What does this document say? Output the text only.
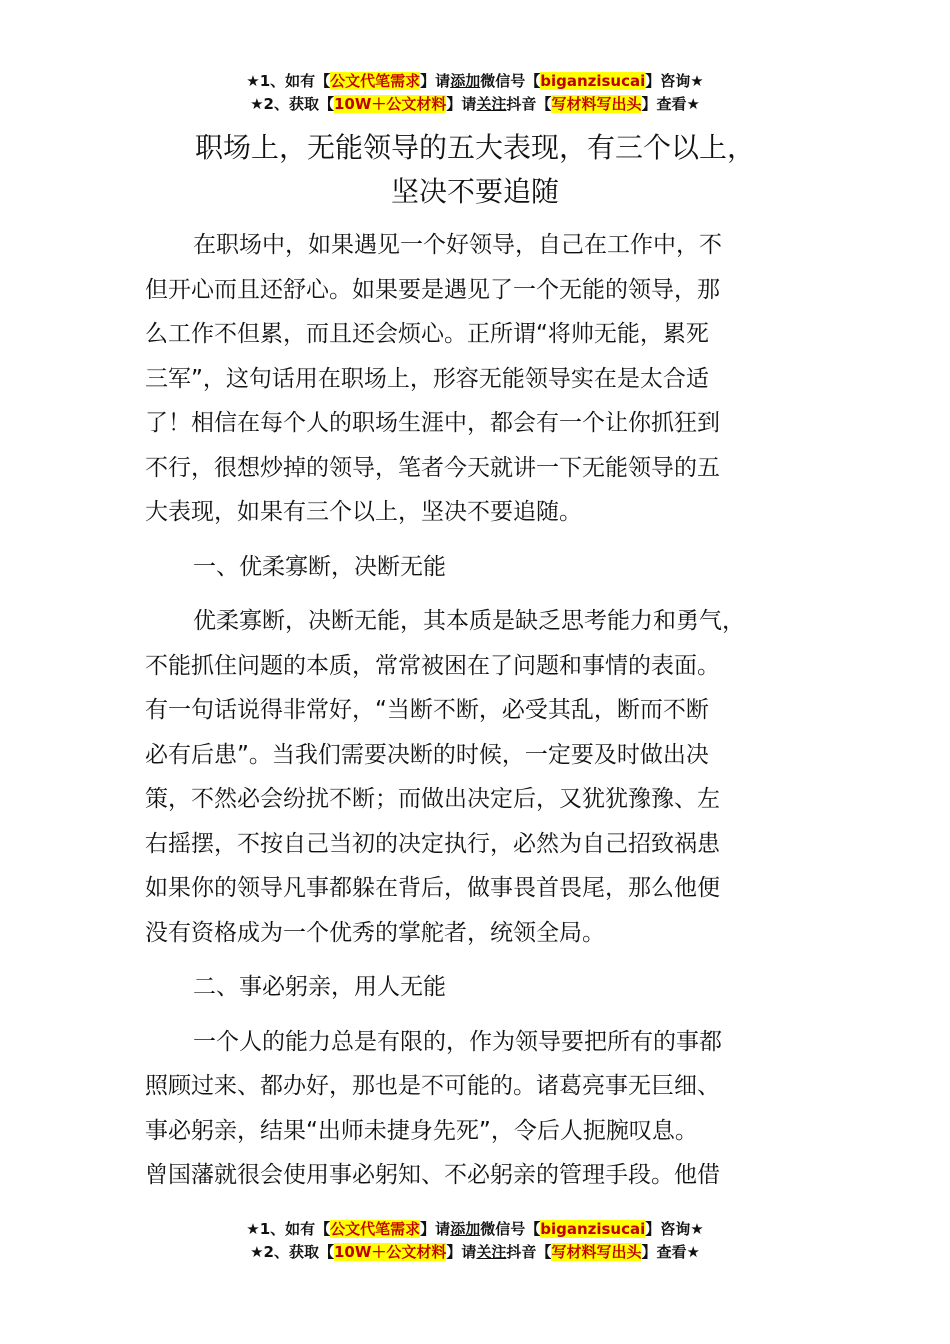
★1、如有【公文代笔需求】请添加微信号【biganzisucai】咨询★
★2、获取【10W＋公文材料】请关注抖音【写材料写出头】查看★
职场上，无能领导的五大表现，有三个以上，
坚决不要追随
在职场中，如果遇见一个好领导，自己在工作中，不
但开心而且还舒心。如果要是遇见了一个无能的领导，那
么工作不但累，而且还会烦心。正所谓“将帅无能，累死
三军”，这句话用在职场上，形容无能领导实在是太合适
了！相信在每个人的职场生涯中，都会有一个让你抓狂到
不行，很想炒掉的领导，笔者今天就讲一下无能领导的五
大表现，如果有三个以上，坚决不要追随。
一、优柔寡断，决断无能
优柔寡断，决断无能，其本质是缺乏思考能力和勇气，
不能抓住问题的本质，常常被困在了问题和事情的表面。
有一句话说得非常好，“当断不断，必受其乱，断而不断
必有后患”。当我们需要决断的时候，一定要及时做出决
策，不然必会纷扰不断；而做出决定后，又犹犹豫豫、左
右摇摆，不按自己当初的决定执行，必然为自己招致祸患
如果你的领导凡事都躲在背后，做事畏首畏尾，那么他便
没有资格成为一个优秀的掌舵者，统领全局。
二、事必躬亲，用人无能
一个人的能力总是有限的，作为领导要把所有的事都
照顾过来、都办好，那也是不可能的。诸葛亮事无巨细、
事必躬亲，结果“出师未捷身先死”，令后人扼腕叹息。
曾国藩就很会使用事必躬知、不必躬亲的管理手段。他借
★1、如有【公文代笔需求】请添加微信号【biganzisucai】咨询★
★2、获取【10W＋公文材料】请关注抖音【写材料写出头】查看★
